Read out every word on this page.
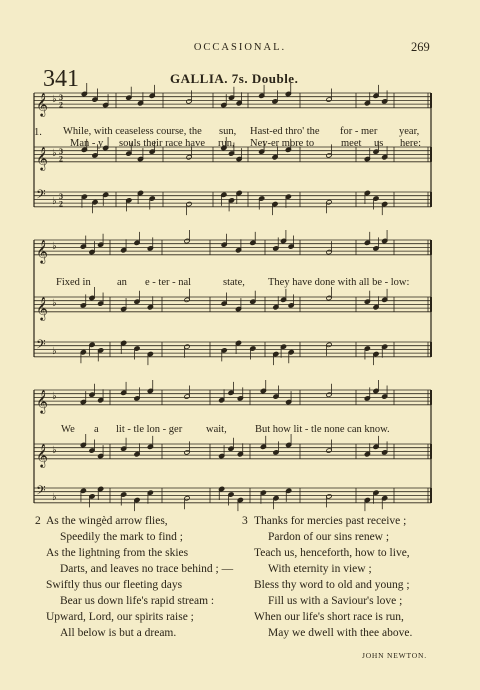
OCCASIONAL.	269
341	GALLIA. 7s. Double.
𝄞 ♭ 3
2
𝄞 ♭ 3
2
𝄢 ♭ 3
2
𝄞 ♭
𝄞 ♭
𝄢 ♭
𝄞 ♭
𝄞 ♭
𝄢 ♭
1. While, with ceaseless course, the sun, Hast-ed thro' the for - mer year,
Man - y souls their race have run, Nev-er more to	meet us here:
Fixed in	an e - ter - nal	state, They have done with all be - low:
We a lit - tle lon - ger wait,	But how lit - tle none can know.
2 As the wingèd arrow flies,
Speedily the mark to find ;
As the lightning from the skies
Darts, and leaves no trace behind ; —
Swiftly thus our fleeting days
Bear us down life's rapid stream :
Upward, Lord, our spirits raise ;
All below is but a dream.
3 Thanks for mercies past receive ;
Pardon of our sins renew ;
Teach us, henceforth, how to live,
With eternity in view ;
Bless thy word to old and young ;
Fill us with a Saviour's love ;
When our life's short race is run,
May we dwell with thee above.
JOHN NEWTON.
